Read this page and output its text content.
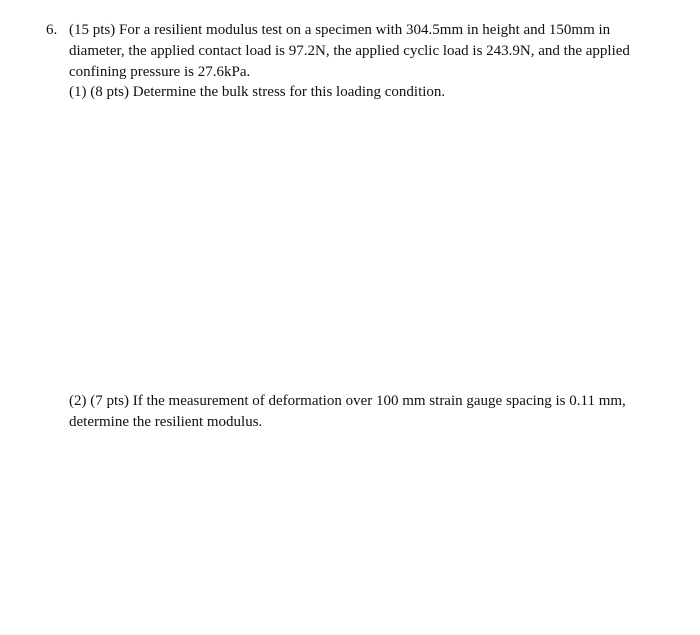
6. (15 pts) For a resilient modulus test on a specimen with 304.5mm in height and 150mm in
diameter, the applied contact load is 97.2N, the applied cyclic load is 243.9N, and the applied
confining pressure is 27.6kPa.
(1) (8 pts) Determine the bulk stress for this loading condition.
(2) (7 pts) If the measurement of deformation over 100 mm strain gauge spacing is 0.11 mm,
determine the resilient modulus.
